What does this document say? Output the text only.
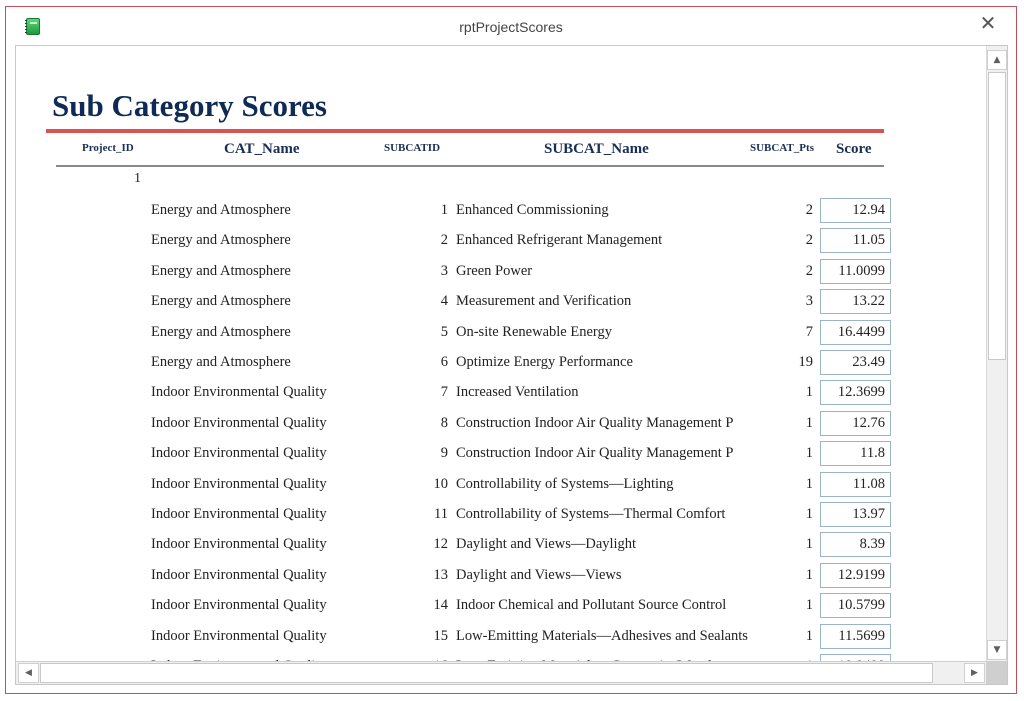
rptProjectScores	✕
Sub Category Scores
Project_ID	CAT_Name	SUBCATID	SUBCAT_Name	SUBCAT_Pts Score
1
Energy and Atmosphere	1 Enhanced Commissioning	2	12.94
Energy and Atmosphere	2 Enhanced Refrigerant Management	2	11.05
Energy and Atmosphere	3 Green Power	2	11.0099
Energy and Atmosphere	4 Measurement and Verification	3	13.22
Energy and Atmosphere	5 On-site Renewable Energy	7	16.4499
Energy and Atmosphere	6 Optimize Energy Performance	19	23.49
Indoor Environmental Quality	7 Increased Ventilation	1	12.3699
Indoor Environmental Quality	8 Construction Indoor Air Quality Management P	1	12.76
Indoor Environmental Quality	9 Construction Indoor Air Quality Management P	1	11.8
Indoor Environmental Quality	10 Controllability of Systems—Lighting	1	11.08
Indoor Environmental Quality	11 Controllability of Systems—Thermal Comfort	1	13.97
Indoor Environmental Quality	12 Daylight and Views—Daylight	1	8.39
Indoor Environmental Quality	13 Daylight and Views—Views	1	12.9199
Indoor Environmental Quality	14 Indoor Chemical and Pollutant Source Control	1	10.5799
Indoor Environmental Quality	15 Low-Emitting Materials—Adhesives and Sealants	1	11.5699
▲
▼
◀	▶
